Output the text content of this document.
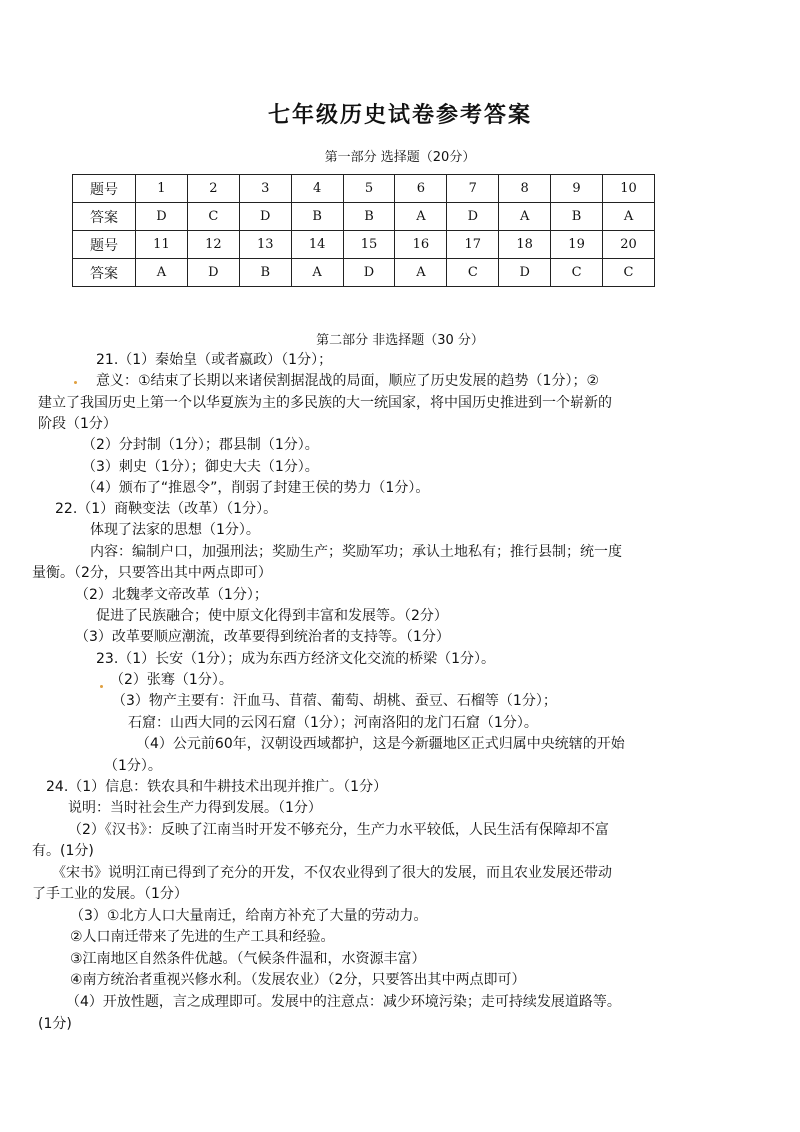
七年级历史试卷参考答案
第一部分 选择题（20分）
题号	1	2	3	4	5	6	7	8	9	10
答案	D	C	D	B	B	A	D	A	B	A
题号	11	12	13	14	15	16	17	18	19	20
答案	A	D	B	A	D	A	C	D	C	C
第二部分 非选择题（30 分）
21.（1）秦始皇（或者嬴政）（1分）；
意义：①结束了长期以来诸侯割据混战的局面，顺应了历史发展的趋势（1分）；②
建立了我国历史上第一个以华夏族为主的多民族的大一统国家，将中国历史推进到一个崭新的
阶段（1分）
（2）分封制（1分）；郡县制（1分）。
（3）刺史（1分）；御史大夫（1分）。
（4）颁布了“推恩令”，削弱了封建王侯的势力（1分）。
22.（1）商鞅变法（改革）（1分）。
体现了法家的思想（1分）。
内容：编制户口，加强刑法；奖励生产；奖励军功；承认土地私有；推行县制；统一度
量衡。（2分，只要答出其中两点即可）
（2）北魏孝文帝改革（1分）；
促进了民族融合；使中原文化得到丰富和发展等。（2分）
（3）改革要顺应潮流，改革要得到统治者的支持等。（1分）
23.（1）长安（1分）；成为东西方经济文化交流的桥梁（1分）。
（2）张骞（1分）。
（3）物产主要有：汗血马、苜蓿、葡萄、胡桃、蚕豆、石榴等（1分）；
石窟：山西大同的云冈石窟（1分）；河南洛阳的龙门石窟（1分）。
（4）公元前60年，汉朝设西域都护，这是今新疆地区正式归属中央统辖的开始
（1分）。
24.（1）信息：铁农具和牛耕技术出现并推广。（1分）
说明：当时社会生产力得到发展。（1分）
（2）《汉书》：反映了江南当时开发不够充分，生产力水平较低，人民生活有保障却不富
有。(1分)
《宋书》说明江南已得到了充分的开发，不仅农业得到了很大的发展，而且农业发展还带动
了手工业的发展。（1分）
（3）①北方人口大量南迁，给南方补充了大量的劳动力。
②人口南迁带来了先进的生产工具和经验。
③江南地区自然条件优越。（气候条件温和，水资源丰富）
④南方统治者重视兴修水利。（发展农业）（2分，只要答出其中两点即可）
（4）开放性题，言之成理即可。发展中的注意点：减少环境污染；走可持续发展道路等。
(1分)
